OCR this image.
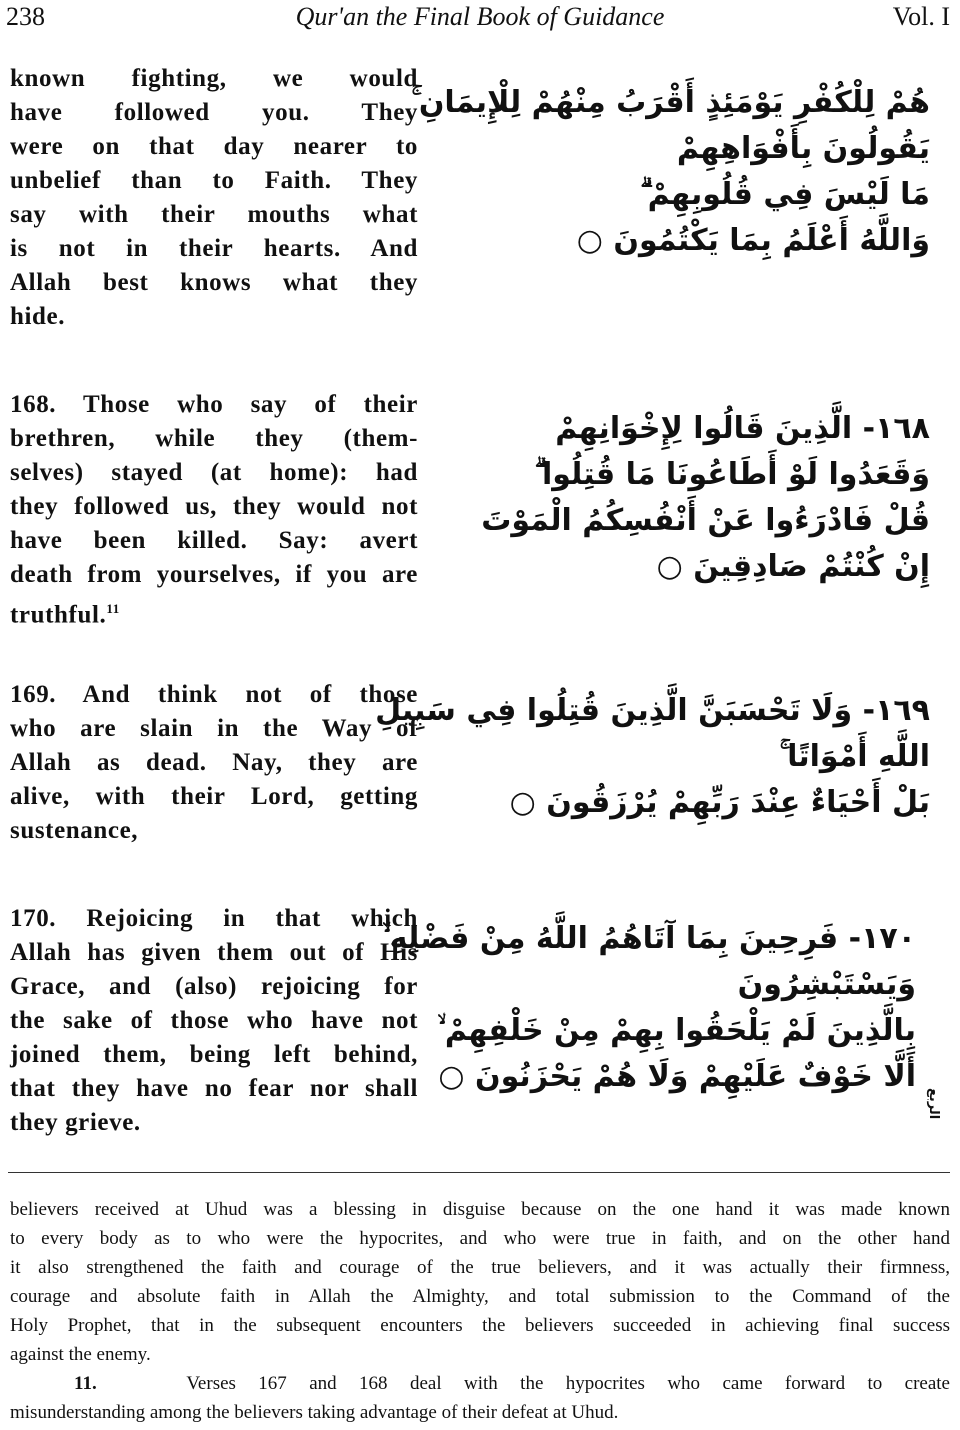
238	Qur'an the Final Book of Guidance	Vol. I
known fighting, we would
have followed you. They
were on that day nearer to
unbelief than to Faith. They
say with their mouths what
is not in their hearts. And
Allah best knows what they
hide.
هُمْ لِلْكُفْرِ يَوْمَئِذٍ أَقْرَبُ مِنْهُمْ لِلْإِيمَانِ ۚ
يَقُولُونَ بِأَفْوَاهِهِمْ
مَا لَيْسَ فِي قُلُوبِهِمْ ۗ
وَاللَّهُ أَعْلَمُ بِمَا يَكْتُمُونَ ○
168. Those who say of their
brethren, while they (them-
selves) stayed (at home): had
they followed us, they would not
have been killed. Say: avert
death from yourselves, if you are
truthful.$^{11}$
١٦٨- الَّذِينَ قَالُوا لِإِخْوَانِهِمْ
وَقَعَدُوا لَوْ أَطَاعُونَا مَا قُتِلُوا ۗ
قُلْ فَادْرَءُوا عَنْ أَنْفُسِكُمُ الْمَوْتَ
إِنْ كُنْتُمْ صَادِقِينَ ○
169. And think not of those
who are slain in the Way of
Allah as dead. Nay, they are
alive, with their Lord, getting
sustenance,
١٦٩- وَلَا تَحْسَبَنَّ الَّذِينَ قُتِلُوا فِي سَبِيلِ
اللَّهِ أَمْوَاتًا ۚ
بَلْ أَحْيَاءٌ عِنْدَ رَبِّهِمْ يُرْزَقُونَ ○
170. Rejoicing in that which
Allah has given them out of His
Grace, and (also) rejoicing for
the sake of those who have not
joined them, being left behind,
that they have no fear nor shall
they grieve.
١٧٠- فَرِحِينَ بِمَا آتَاهُمُ اللَّهُ مِنْ فَضْلِهِ ۙ
وَيَسْتَبْشِرُونَ
بِالَّذِينَ لَمْ يَلْحَقُوا بِهِمْ مِنْ خَلْفِهِمْ ۙ
أَلَّا خَوْفٌ عَلَيْهِمْ وَلَا هُمْ يَحْزَنُونَ ○
الربع
believers received at Uhud was a blessing in disguise because on the one hand it was made known
to every body as to who were the hypocrites, and who were true in faith, and on the other hand
it also strengthened the faith and courage of the true believers, and it was actually their firmness,
courage and absolute faith in Allah the Almighty, and total submission to the Command of the
Holy Prophet, that in the subsequent encounters the believers succeeded in achieving final success
against the enemy.
11.	Verses 167 and 168 deal with the hypocrites who came forward to create
misunderstanding among the believers taking advantage of their defeat at Uhud.
